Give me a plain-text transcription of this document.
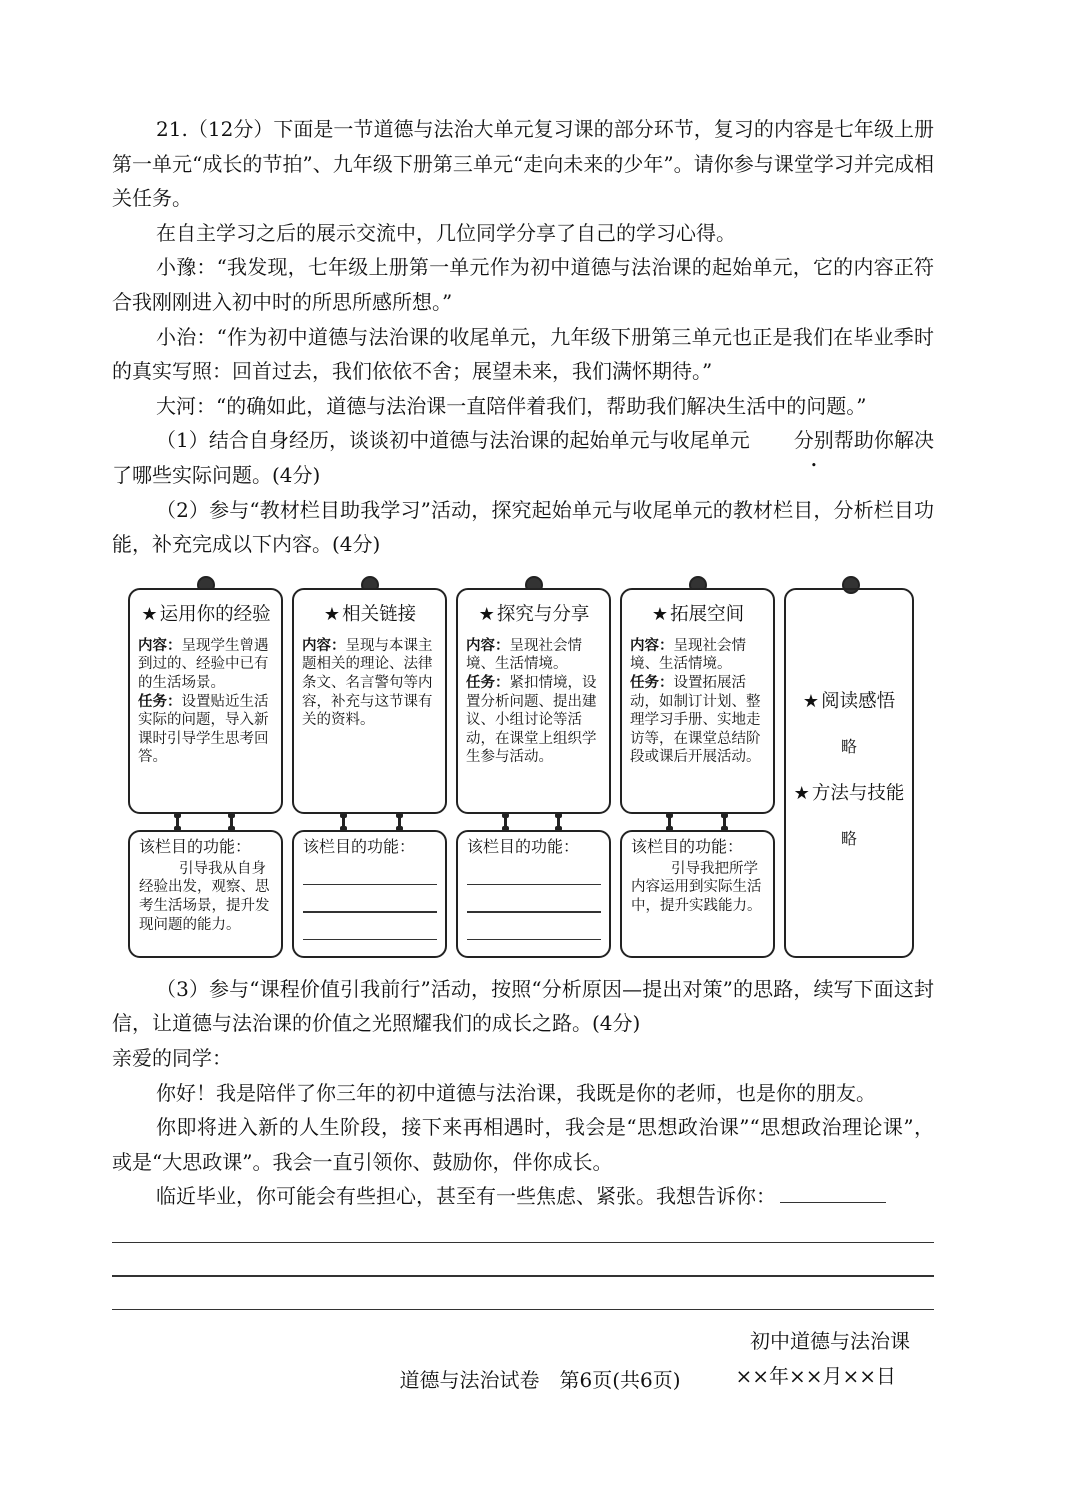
21.（12分）下面是一节道德与法治大单元复习课的部分环节，复习的内容是七年级上册第一单元“成长的节拍”、九年级下册第三单元“走向未来的少年”。请你参与课堂学习并完成相关任务。

在自主学习之后的展示交流中，几位同学分享了自己的学习心得。

小豫：“我发现，七年级上册第一单元作为初中道德与法治课的起始单元，它的内容正符合我刚刚进入初中时的所思所感所想。”

小治：“作为初中道德与法治课的收尾单元，九年级下册第三单元也正是我们在毕业季时的真实写照：回首过去，我们依依不舍；展望未来，我们满怀期待。”

大河：“的确如此，道德与法治课一直陪伴着我们，帮助我们解决生活中的问题。”

（1）结合自身经历，谈谈初中道德与法治课的起始单元与收尾单元 分别帮助你解决了哪些实际问题。(4分)

（2）参与“教材栏目助我学习”活动，探究起始单元与收尾单元的教材栏目，分析栏目功能，补充完成以下内容。(4分)

★ 运用你的经验
内容：呈现学生曾遇到过的、经验中已有的生活场景。
任务：设置贴近生活实际的问题，导入新课时引导学生思考回答。
该栏目的功能：
引导我从自身经验出发，观察、思考生活场景，提升发现问题的能力。
★ 相关链接
内容：呈现与本课主题相关的理论、法律条文、名言警句等内容，补充与这节课有关的资料。
该栏目的功能：
★ 探究与分享
内容：呈现社会情境、生活情境。
任务：紧扣情境，设置分析问题、提出建议、小组讨论等活动，在课堂上组织学生参与活动。
该栏目的功能：
★ 拓展空间
内容：呈现社会情境、生活情境。
任务：设置拓展活动，如制订计划、整理学习手册、实地走访等，在课堂总结阶段或课后开展活动。
该栏目的功能：
引导我把所学内容运用到实际生活中，提升实践能力。
★ 阅读感悟
略
★ 方法与技能
略

（3）参与“课程价值引我前行”活动，按照“分析原因—提出对策”的思路，续写下面这封信，让道德与法治课的价值之光照耀我们的成长之路。(4分)

亲爱的同学：

你好！我是陪伴了你三年的初中道德与法治课，我既是你的老师，也是你的朋友。

你即将进入新的人生阶段，接下来再相遇时，我会是“思想政治课”“思想政治理论课”，或是“大思政课”。我会一直引领你、鼓励你，伴你成长。

临近毕业，你可能会有些担心，甚至有一些焦虑、紧张。我想告诉你：

初中道德与法治课

××年××月××日

道德与法治试卷　第6页(共6页)
